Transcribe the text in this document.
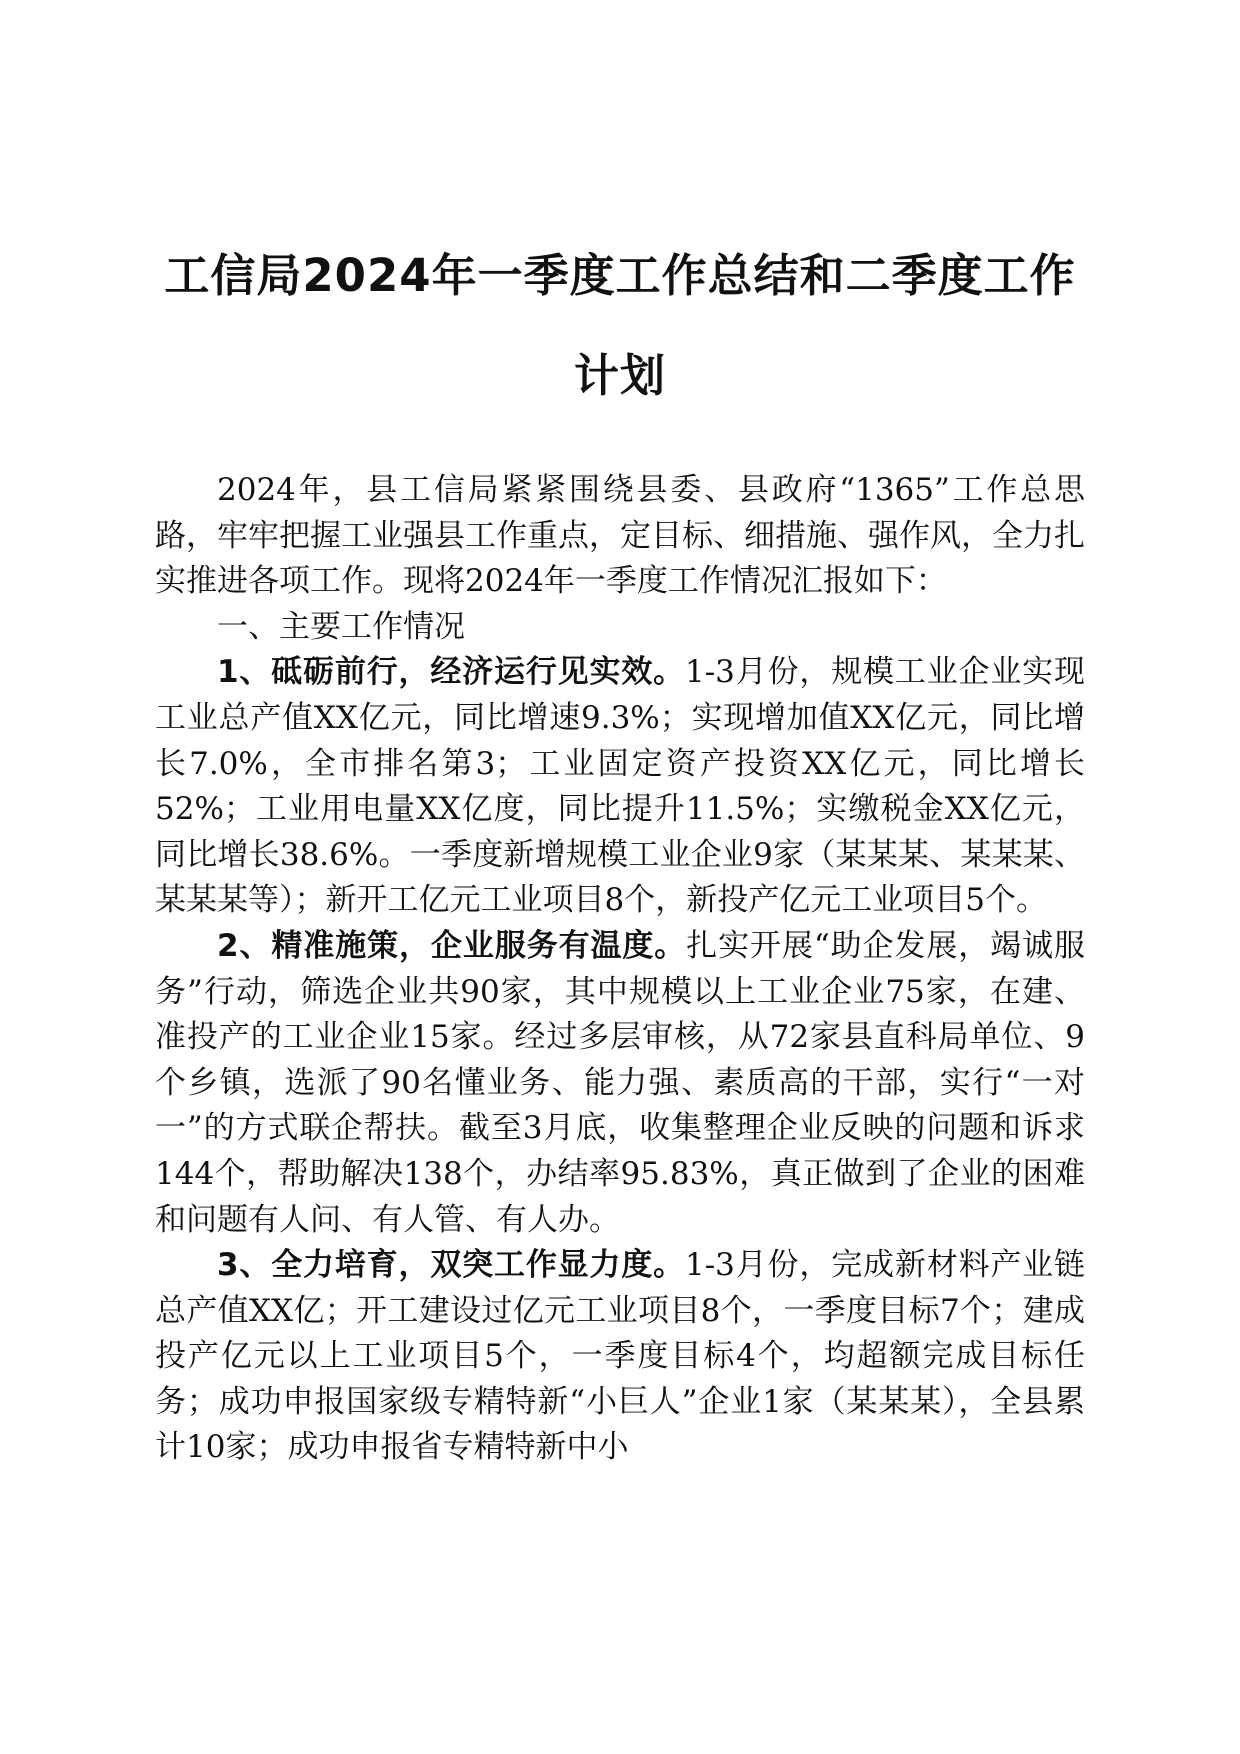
工信局2024年一季度工作总结和二季度工作
计划

2024年，县工信局紧紧围绕县委、县政府“1365”工作总思路，牢牢把握工业强县工作重点，定目标、细措施、强作风，全力扎实推进各项工作。现将2024年一季度工作情况汇报如下：

一、主要工作情况

1、砥砺前行，经济运行见实效。1-3月份，规模工业企业实现工业总产值XX亿元，同比增速9.3%；实现增加值XX亿元，同比增长7.0%，全市排名第3；工业固定资产投资XX亿元，同比增长52%；工业用电量XX亿度，同比提升11.5%；实缴税金XX亿元，同比增长38.6%。一季度新增规模工业企业9家（某某某、某某某、某某某等）；新开工亿元工业项目8个，新投产亿元工业项目5个。

2、精准施策，企业服务有温度。扎实开展“助企发展，竭诚服务”行动，筛选企业共90家，其中规模以上工业企业75家，在建、准投产的工业企业15家。经过多层审核，从72家县直科局单位、9个乡镇，选派了90名懂业务、能力强、素质高的干部，实行“一对一”的方式联企帮扶。截至3月底，收集整理企业反映的问题和诉求144个，帮助解决138个，办结率95.83%，真正做到了企业的困难和问题有人问、有人管、有人办。

3、全力培育，双突工作显力度。1-3月份，完成新材料产业链总产值XX亿；开工建设过亿元工业项目8个，一季度目标7个；建成投产亿元以上工业项目5个，一季度目标4个，均超额完成目标任务；成功申报国家级专精特新“小巨人”企业1家（某某某），全县累计10家；成功申报省专精特新中小
